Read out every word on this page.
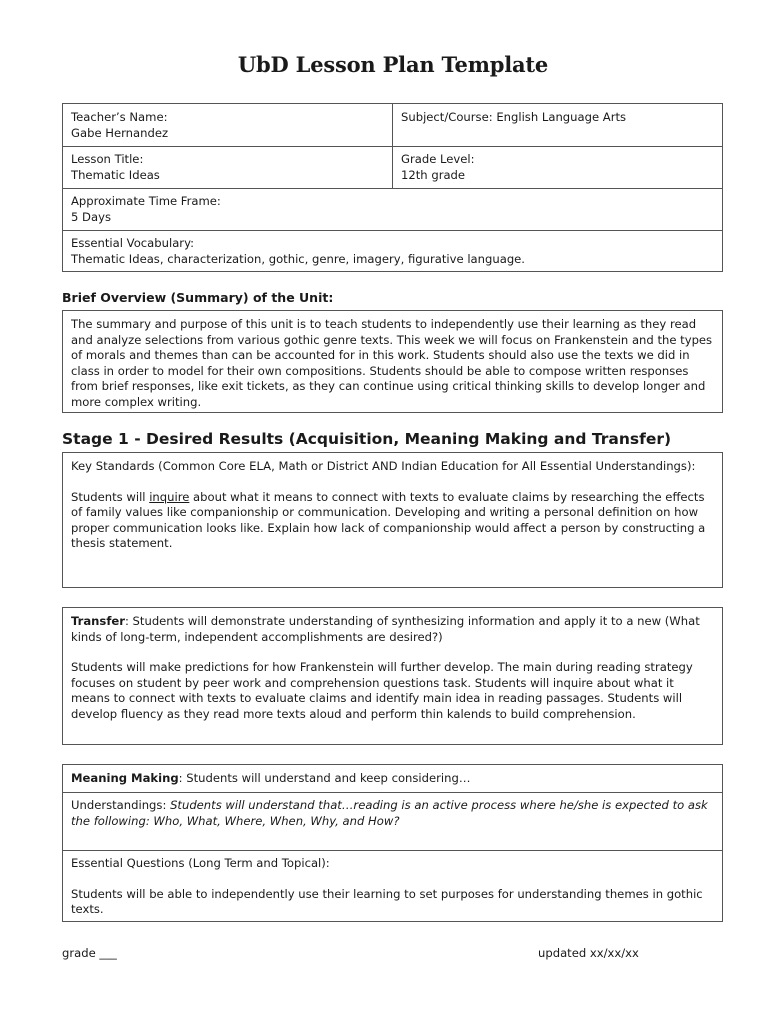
UbD Lesson Plan Template
Teacher’s Name:
Gabe Hernandez
Subject/Course: English Language Arts
Lesson Title:
Thematic Ideas
Grade Level:
12th grade
Approximate Time Frame:
5 Days
Essential Vocabulary:
Thematic Ideas, characterization, gothic, genre, imagery, figurative language.
Brief Overview (Summary) of the Unit:

The summary and purpose of this unit is to teach students to independently use their learning as they read and analyze selections from various gothic genre texts. This week we will focus on Frankenstein and the types of morals and themes than can be accounted for in this work. Students should also use the texts we did in class in order to model for their own compositions. Students should be able to compose written responses from brief responses, like exit tickets, as they can continue using critical thinking skills to develop longer and more complex writing.

Stage 1 - Desired Results (Acquisition, Meaning Making and Transfer)

Key Standards (Common Core ELA, Math or District AND Indian Education for All Essential Understandings):

Students will inquire about what it means to connect with texts to evaluate claims by researching the effects of family values like companionship or communication. Developing and writing a personal definition on how proper communication looks like. Explain how lack of companionship would affect a person by constructing a thesis statement.

Transfer: Students will demonstrate understanding of synthesizing information and apply it to a new (What kinds of long-term, independent accomplishments are desired?)

Students will make predictions for how Frankenstein will further develop. The main during reading strategy focuses on student by peer work and comprehension questions task. Students will inquire about what it means to connect with texts to evaluate claims and identify main idea in reading passages. Students will develop fluency as they read more texts aloud and perform thin kalends to build comprehension.

Meaning Making: Students will understand and keep considering…

Understandings: Students will understand that…reading is an active process where he/she is expected to ask the following: Who, What, Where, When, Why, and How?

Essential Questions (Long Term and Topical):

Students will be able to independently use their learning to set purposes for understanding themes in gothic texts.

grade ___	updated xx/xx/xx
